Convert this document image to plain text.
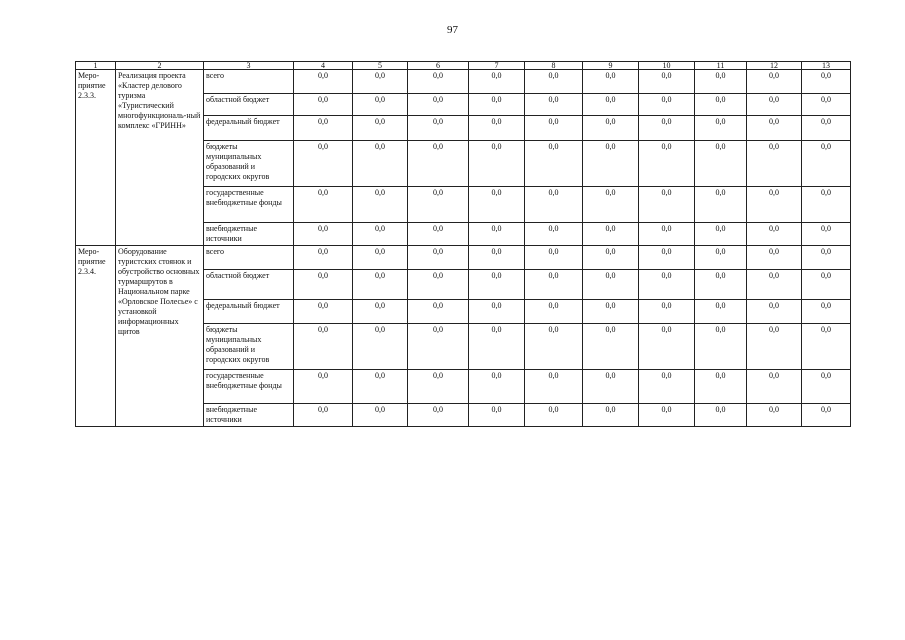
97
1	2	3	4	5	6	7	8	9	10	11	12	13
Меро-
приятие
2.3.3.	Реализация проекта «Кластер делового туризма «Туристический многофункциональ-ный комплекс «ГРИНН»	всего	0,0	0,0	0,0	0,0	0,0	0,0	0,0	0,0	0,0	0,0
		областной бюджет	0,0	0,0	0,0	0,0	0,0	0,0	0,0	0,0	0,0	0,0
		федеральный бюджет	0,0	0,0	0,0	0,0	0,0	0,0	0,0	0,0	0,0	0,0
		бюджеты муниципальных образований и городских округов	0,0	0,0	0,0	0,0	0,0	0,0	0,0	0,0	0,0	0,0
		государственные внебюджетные фонды	0,0	0,0	0,0	0,0	0,0	0,0	0,0	0,0	0,0	0,0
		внебюджетные источники	0,0	0,0	0,0	0,0	0,0	0,0	0,0	0,0	0,0	0,0
Меро-
приятие
2.3.4.	Оборудование туристских стоянок и обустройство основных турмаршрутов в Национальном парке «Орловское Полесье» с установкой информационных щитов	всего	0,0	0,0	0,0	0,0	0,0	0,0	0,0	0,0	0,0	0,0
		областной бюджет	0,0	0,0	0,0	0,0	0,0	0,0	0,0	0,0	0,0	0,0
		федеральный бюджет	0,0	0,0	0,0	0,0	0,0	0,0	0,0	0,0	0,0	0,0
		бюджеты муниципальных образований и городских округов	0,0	0,0	0,0	0,0	0,0	0,0	0,0	0,0	0,0	0,0
		государственные внебюджетные фонды	0,0	0,0	0,0	0,0	0,0	0,0	0,0	0,0	0,0	0,0
		внебюджетные источники	0,0	0,0	0,0	0,0	0,0	0,0	0,0	0,0	0,0	0,0
